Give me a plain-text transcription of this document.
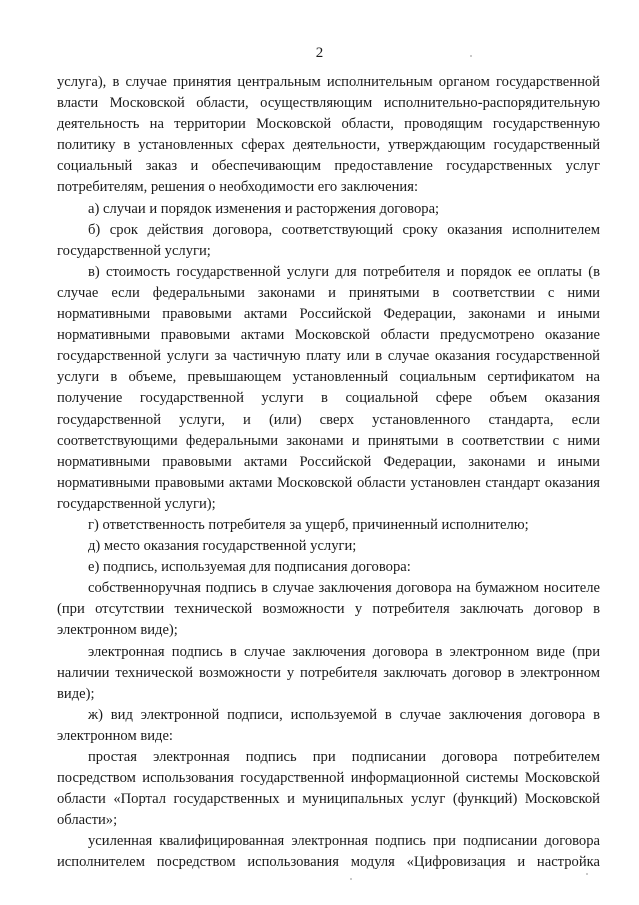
2

услуга), в случае принятия центральным исполнительным органом государственной власти Московской области, осуществляющим исполнительно-распорядительную деятельность на территории Московской области, проводящим государственную политику в установленных сферах деятельности, утверждающим государственный социальный заказ и обеспечивающим предоставление государственных услуг потребителям, решения о необходимости его заключения:

а) случаи и порядок изменения и расторжения договора;

б) срок действия договора, соответствующий сроку оказания исполнителем государственной услуги;

в) стоимость государственной услуги для потребителя и порядок ее оплаты (в случае если федеральными законами и принятыми в соответствии с ними нормативными правовыми актами Российской Федерации, законами и иными нормативными правовыми актами Московской области предусмотрено оказание государственной услуги за частичную плату или в случае оказания государственной услуги в объеме, превышающем установленный социальным сертификатом на получение государственной услуги в социальной сфере объем оказания государственной услуги, и (или) сверх установленного стандарта, если соответствующими федеральными законами и принятыми в соответствии с ними нормативными правовыми актами Российской Федерации, законами и иными нормативными правовыми актами Московской области установлен стандарт оказания государственной услуги);

г) ответственность потребителя за ущерб, причиненный исполнителю;

д) место оказания государственной услуги;

е) подпись, используемая для подписания договора:

собственноручная подпись в случае заключения договора на бумажном носителе (при отсутствии технической возможности у потребителя заключать договор в электронном виде);

электронная подпись в случае заключения договора в электронном виде (при наличии технической возможности у потребителя заключать договор в электронном виде);

ж) вид электронной подписи, используемой в случае заключения договора в электронном виде:

простая электронная подпись при подписании договора потребителем посредством использования государственной информационной системы Московской области «Портал государственных и муниципальных услуг (функций) Московской области»;

усиленная квалифицированная электронная подпись при подписании договора исполнителем посредством использования модуля «Цифровизация и настройка
